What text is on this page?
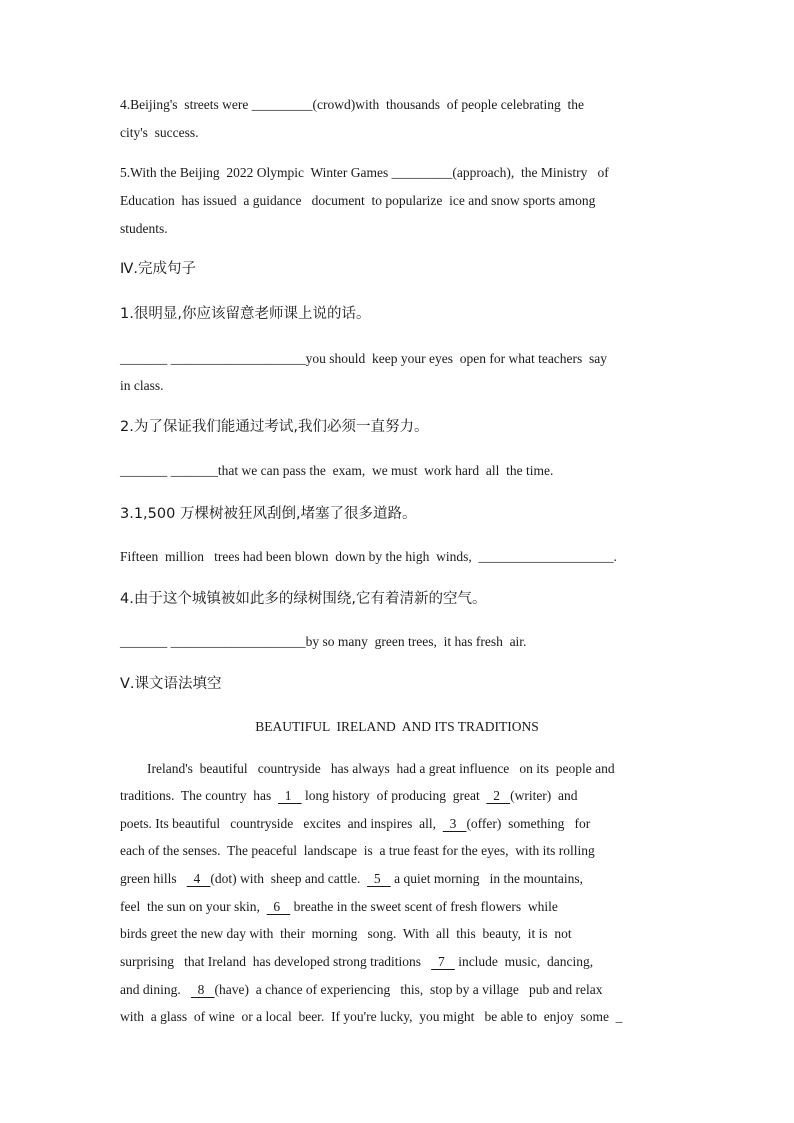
4.Beijing's  streets were _________(crowd)with  thousands  of people celebrating  the
city's  success.
5.With the Beijing  2022 Olympic  Winter Games _________(approach),  the Ministry   of
Education  has issued  a guidance   document  to popularize  ice and snow sports among
students.
Ⅳ.完成句子
1.很明显,你应该留意老师课上说的话。
_______ ____________________you should  keep your eyes  open for what teachers  say
in class.
2.为了保证我们能通过考试,我们必须一直努力。
_______ _______that we can pass the  exam,  we must  work hard  all  the time.
3.1,500 万棵树被狂风刮倒,堵塞了很多道路。
Fifteen  million   trees had been blown  down by the high  winds,  ____________________.
4.由于这个城镇被如此多的绿树围绕,它有着清新的空气。
_______ ____________________by so many  green trees,  it has fresh  air.
Ⅴ.课文语法填空
BEAUTIFUL  IRELAND  AND ITS TRADITIONS
Ireland's  beautiful   countryside   has always  had a great influence   on its  people and
traditions.  The country  has    1    long history  of producing  great    2   (writer)  and
poets. Its beautiful   countryside   excites  and inspires  all,    3   (offer)  something   for
each of the senses.  The peaceful  landscape  is  a true feast for the eyes,  with its rolling
green hills     4   (dot) with  sheep and cattle.    5    a quiet morning   in the mountains,
feel  the sun on your skin,    6    breathe in the sweet scent of fresh flowers  while
birds greet the new day with  their  morning   song.  With  all  this  beauty,  it is  not
surprising   that Ireland  has developed strong traditions     7    include  music,  dancing,
and dining.     8   (have)  a chance of experiencing   this,  stop by a village   pub and relax
with  a glass  of wine  or a local  beer.  If you're lucky,  you might   be able to  enjoy  some  _
